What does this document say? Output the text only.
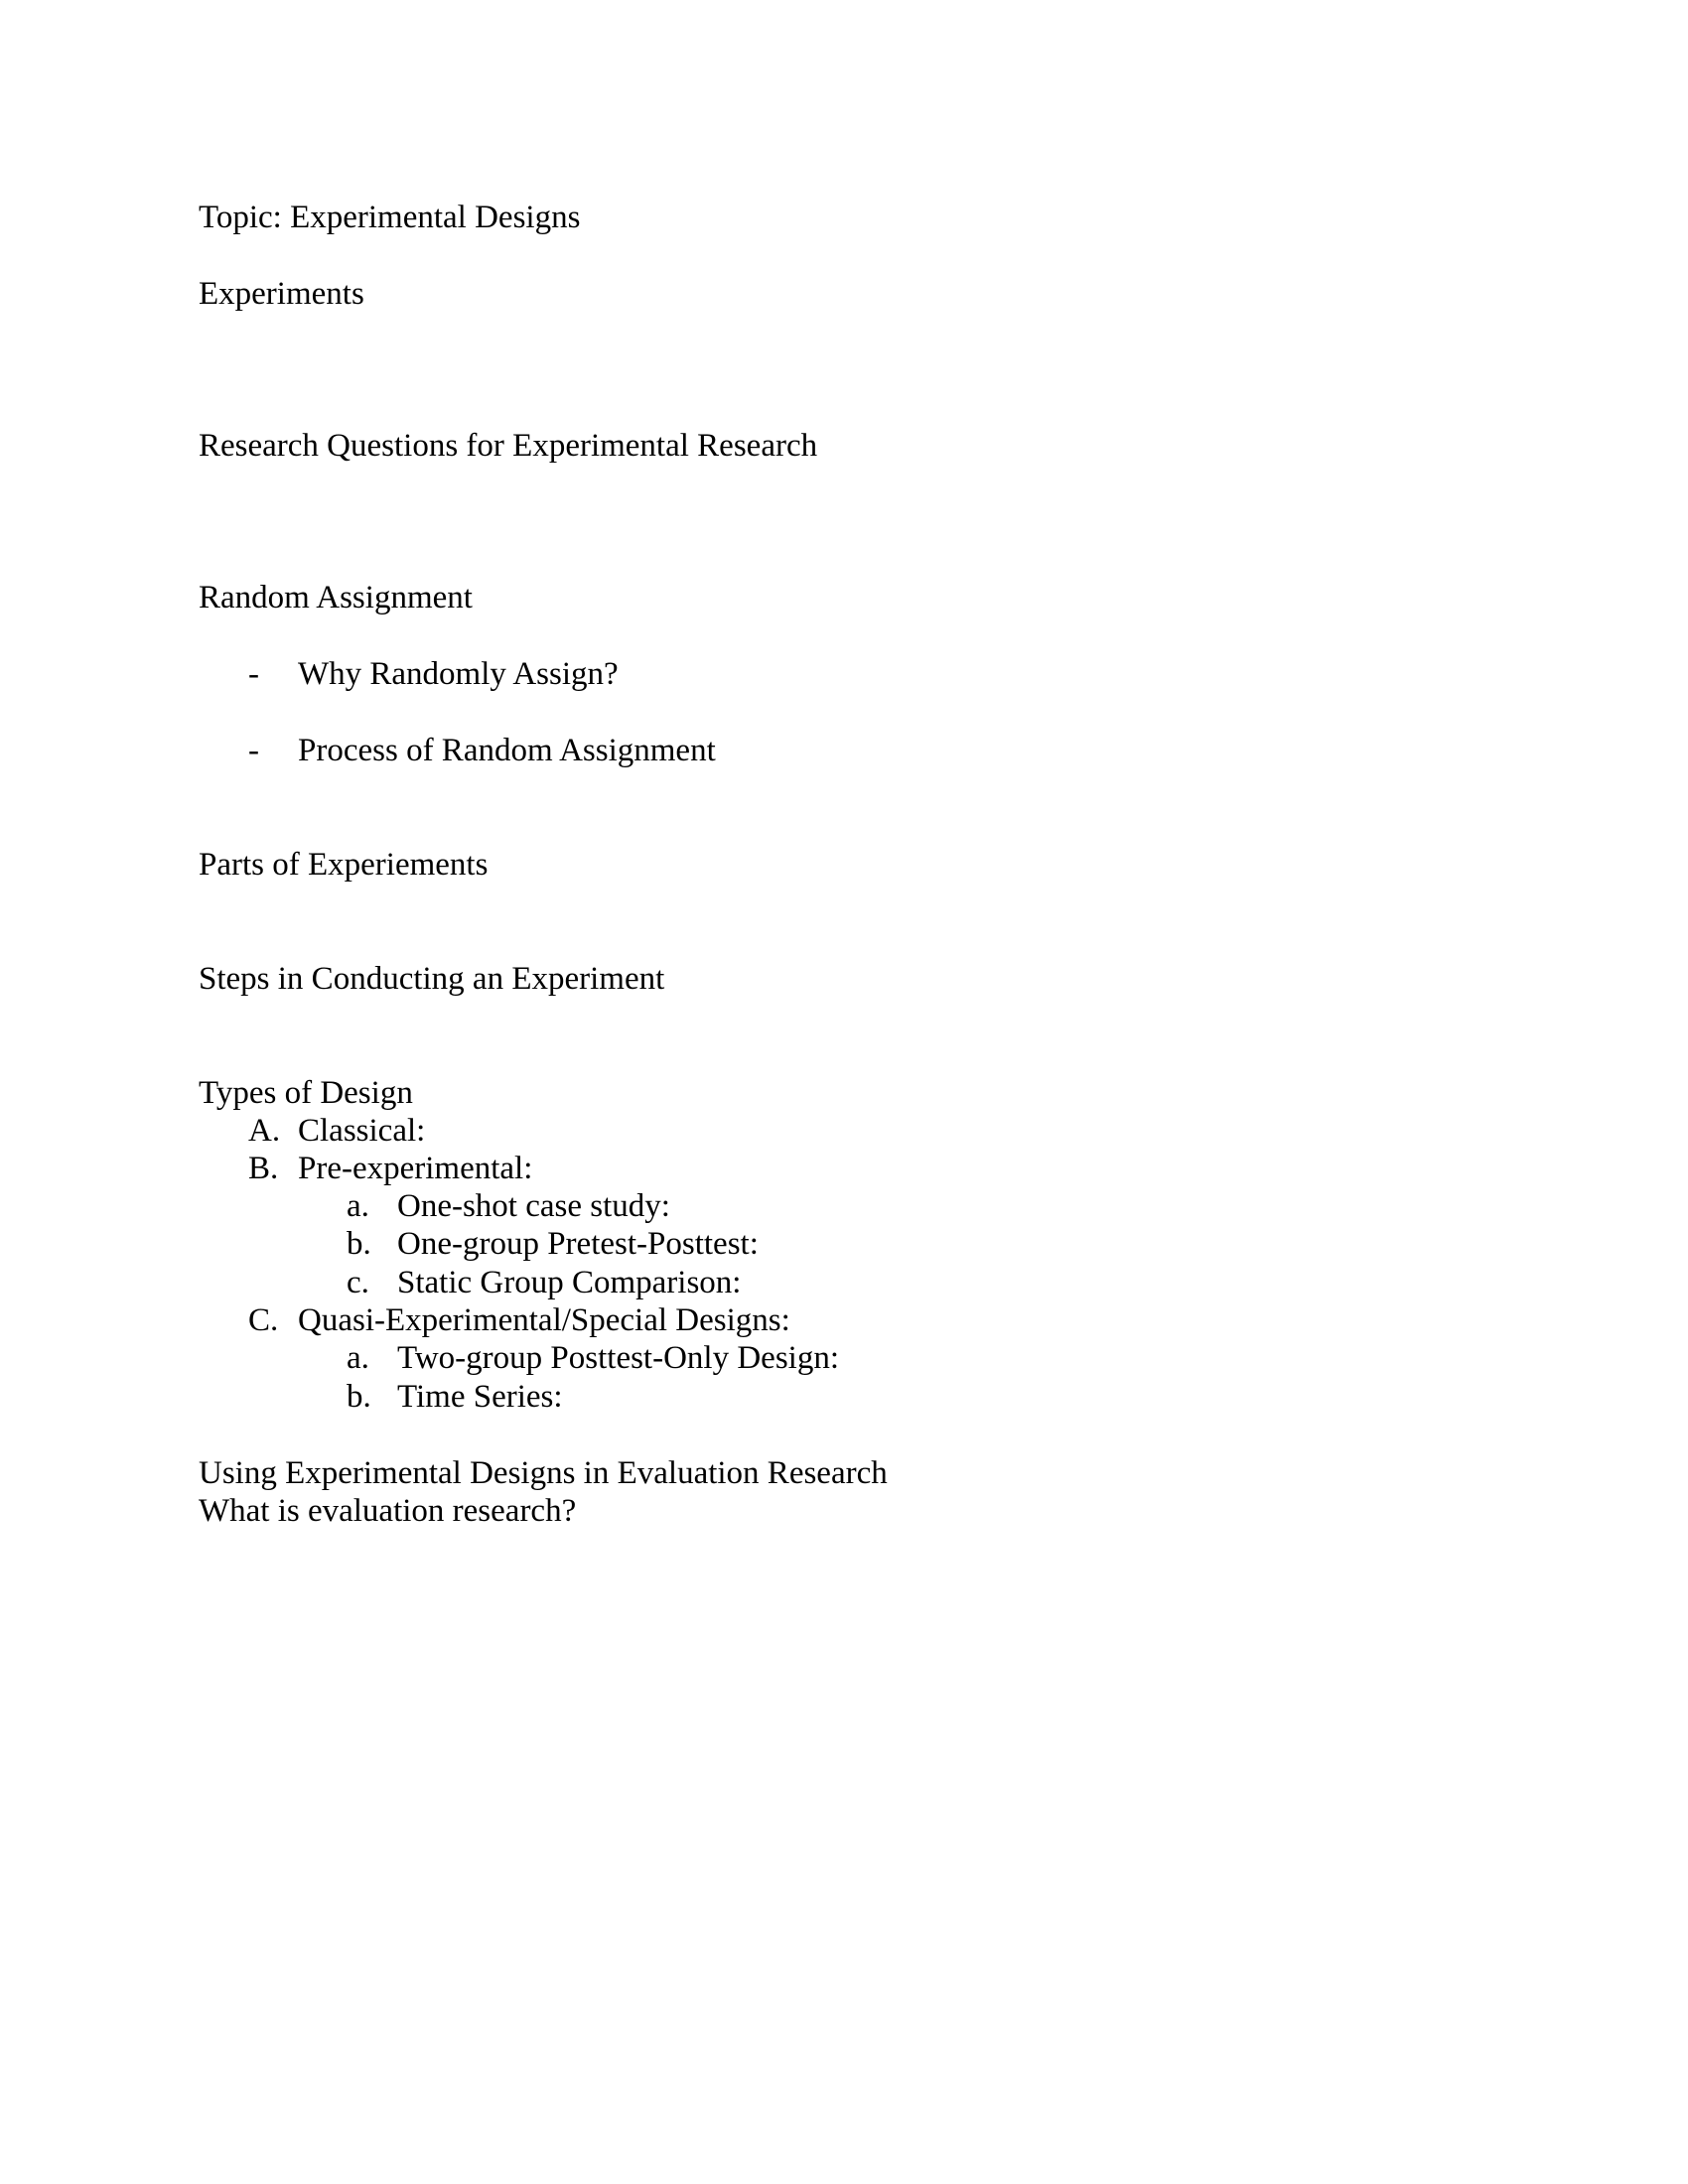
Topic: Experimental Designs
Experiments
Research Questions for Experimental Research
Random Assignment
- Why Randomly Assign?
- Process of Random Assignment
Parts of Experiements
Steps in Conducting an Experiment
Types of Design
A. Classical:
B. Pre-experimental:
a. One-shot case study:
b. One-group Pretest-Posttest:
c. Static Group Comparison:
C. Quasi-Experimental/Special Designs:
a. Two-group Posttest-Only Design:
b. Time Series:
Using Experimental Designs in Evaluation Research
What is evaluation research?
